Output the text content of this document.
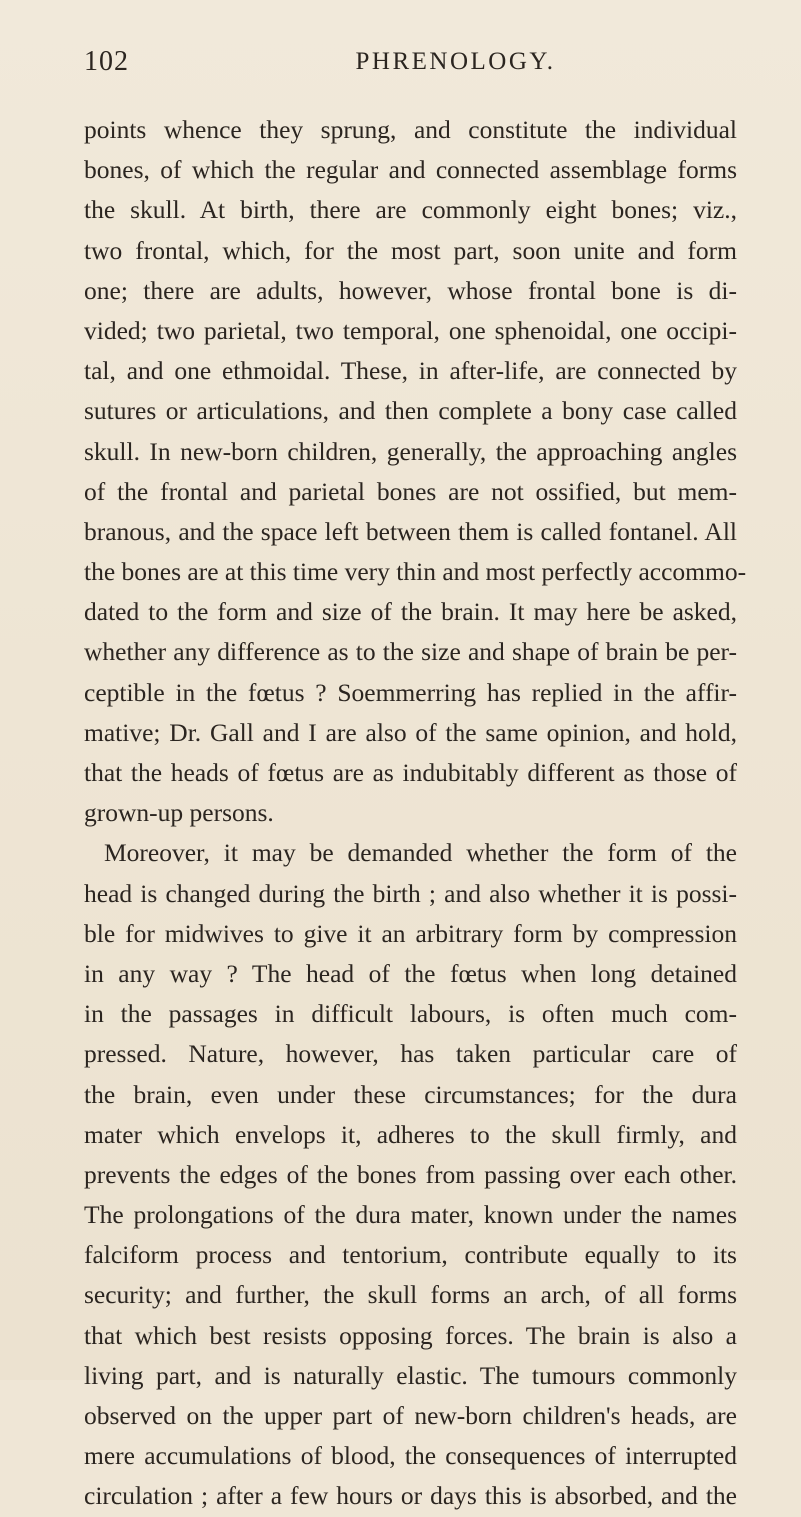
102	PHRENOLOGY.
points whence they sprung, and constitute the individual
bones, of which the regular and connected assemblage forms
the skull. At birth, there are commonly eight bones; viz.,
two frontal, which, for the most part, soon unite and form
one; there are adults, however, whose frontal bone is di-
vided; two parietal, two temporal, one sphenoidal, one occipi-
tal, and one ethmoidal. These, in after-life, are connected by
sutures or articulations, and then complete a bony case called
skull. In new-born children, generally, the approaching angles
of the frontal and parietal bones are not ossified, but mem-
branous, and the space left between them is called fontanel. All
the bones are at this time very thin and most perfectly accommo-
dated to the form and size of the brain. It may here be asked,
whether any difference as to the size and shape of brain be per-
ceptible in the fœtus ? Soemmerring has replied in the affir-
mative; Dr. Gall and I are also of the same opinion, and hold,
that the heads of fœtus are as indubitably different as those of
grown-up persons.
Moreover, it may be demanded whether the form of the
head is changed during the birth ; and also whether it is possi-
ble for midwives to give it an arbitrary form by compression
in any way ? The head of the fœtus when long detained
in the passages in difficult labours, is often much com-
pressed. Nature, however, has taken particular care of
the brain, even under these circumstances; for the dura
mater which envelops it, adheres to the skull firmly, and
prevents the edges of the bones from passing over each other.
The prolongations of the dura mater, known under the names
falciform process and tentorium, contribute equally to its
security; and further, the skull forms an arch, of all forms
that which best resists opposing forces. The brain is also a
living part, and is naturally elastic. The tumours commonly
observed on the upper part of new-born children's heads, are
mere accumulations of blood, the consequences of interrupted
circulation ; after a few hours or days this is absorbed, and the
